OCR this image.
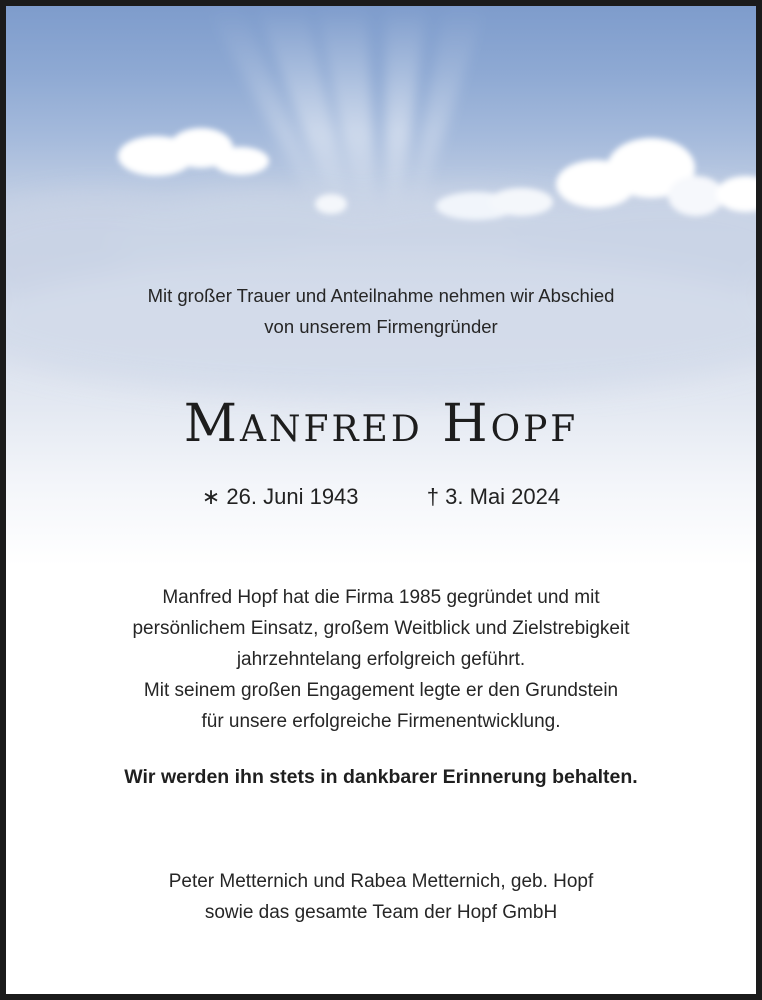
Mit großer Trauer und Anteilnahme nehmen wir Abschied
von unserem Firmengründer
Manfred Hopf
∗ 26. Juni 1943	† 3. Mai 2024
Manfred Hopf hat die Firma 1985 gegründet und mit
persönlichem Einsatz, großem Weitblick und Zielstrebigkeit
jahrzehntelang erfolgreich geführt.
Mit seinem großen Engagement legte er den Grundstein
für unsere erfolgreiche Firmenentwicklung.
Wir werden ihn stets in dankbarer Erinnerung behalten.
Peter Metternich und Rabea Metternich, geb. Hopf
sowie das gesamte Team der Hopf GmbH
